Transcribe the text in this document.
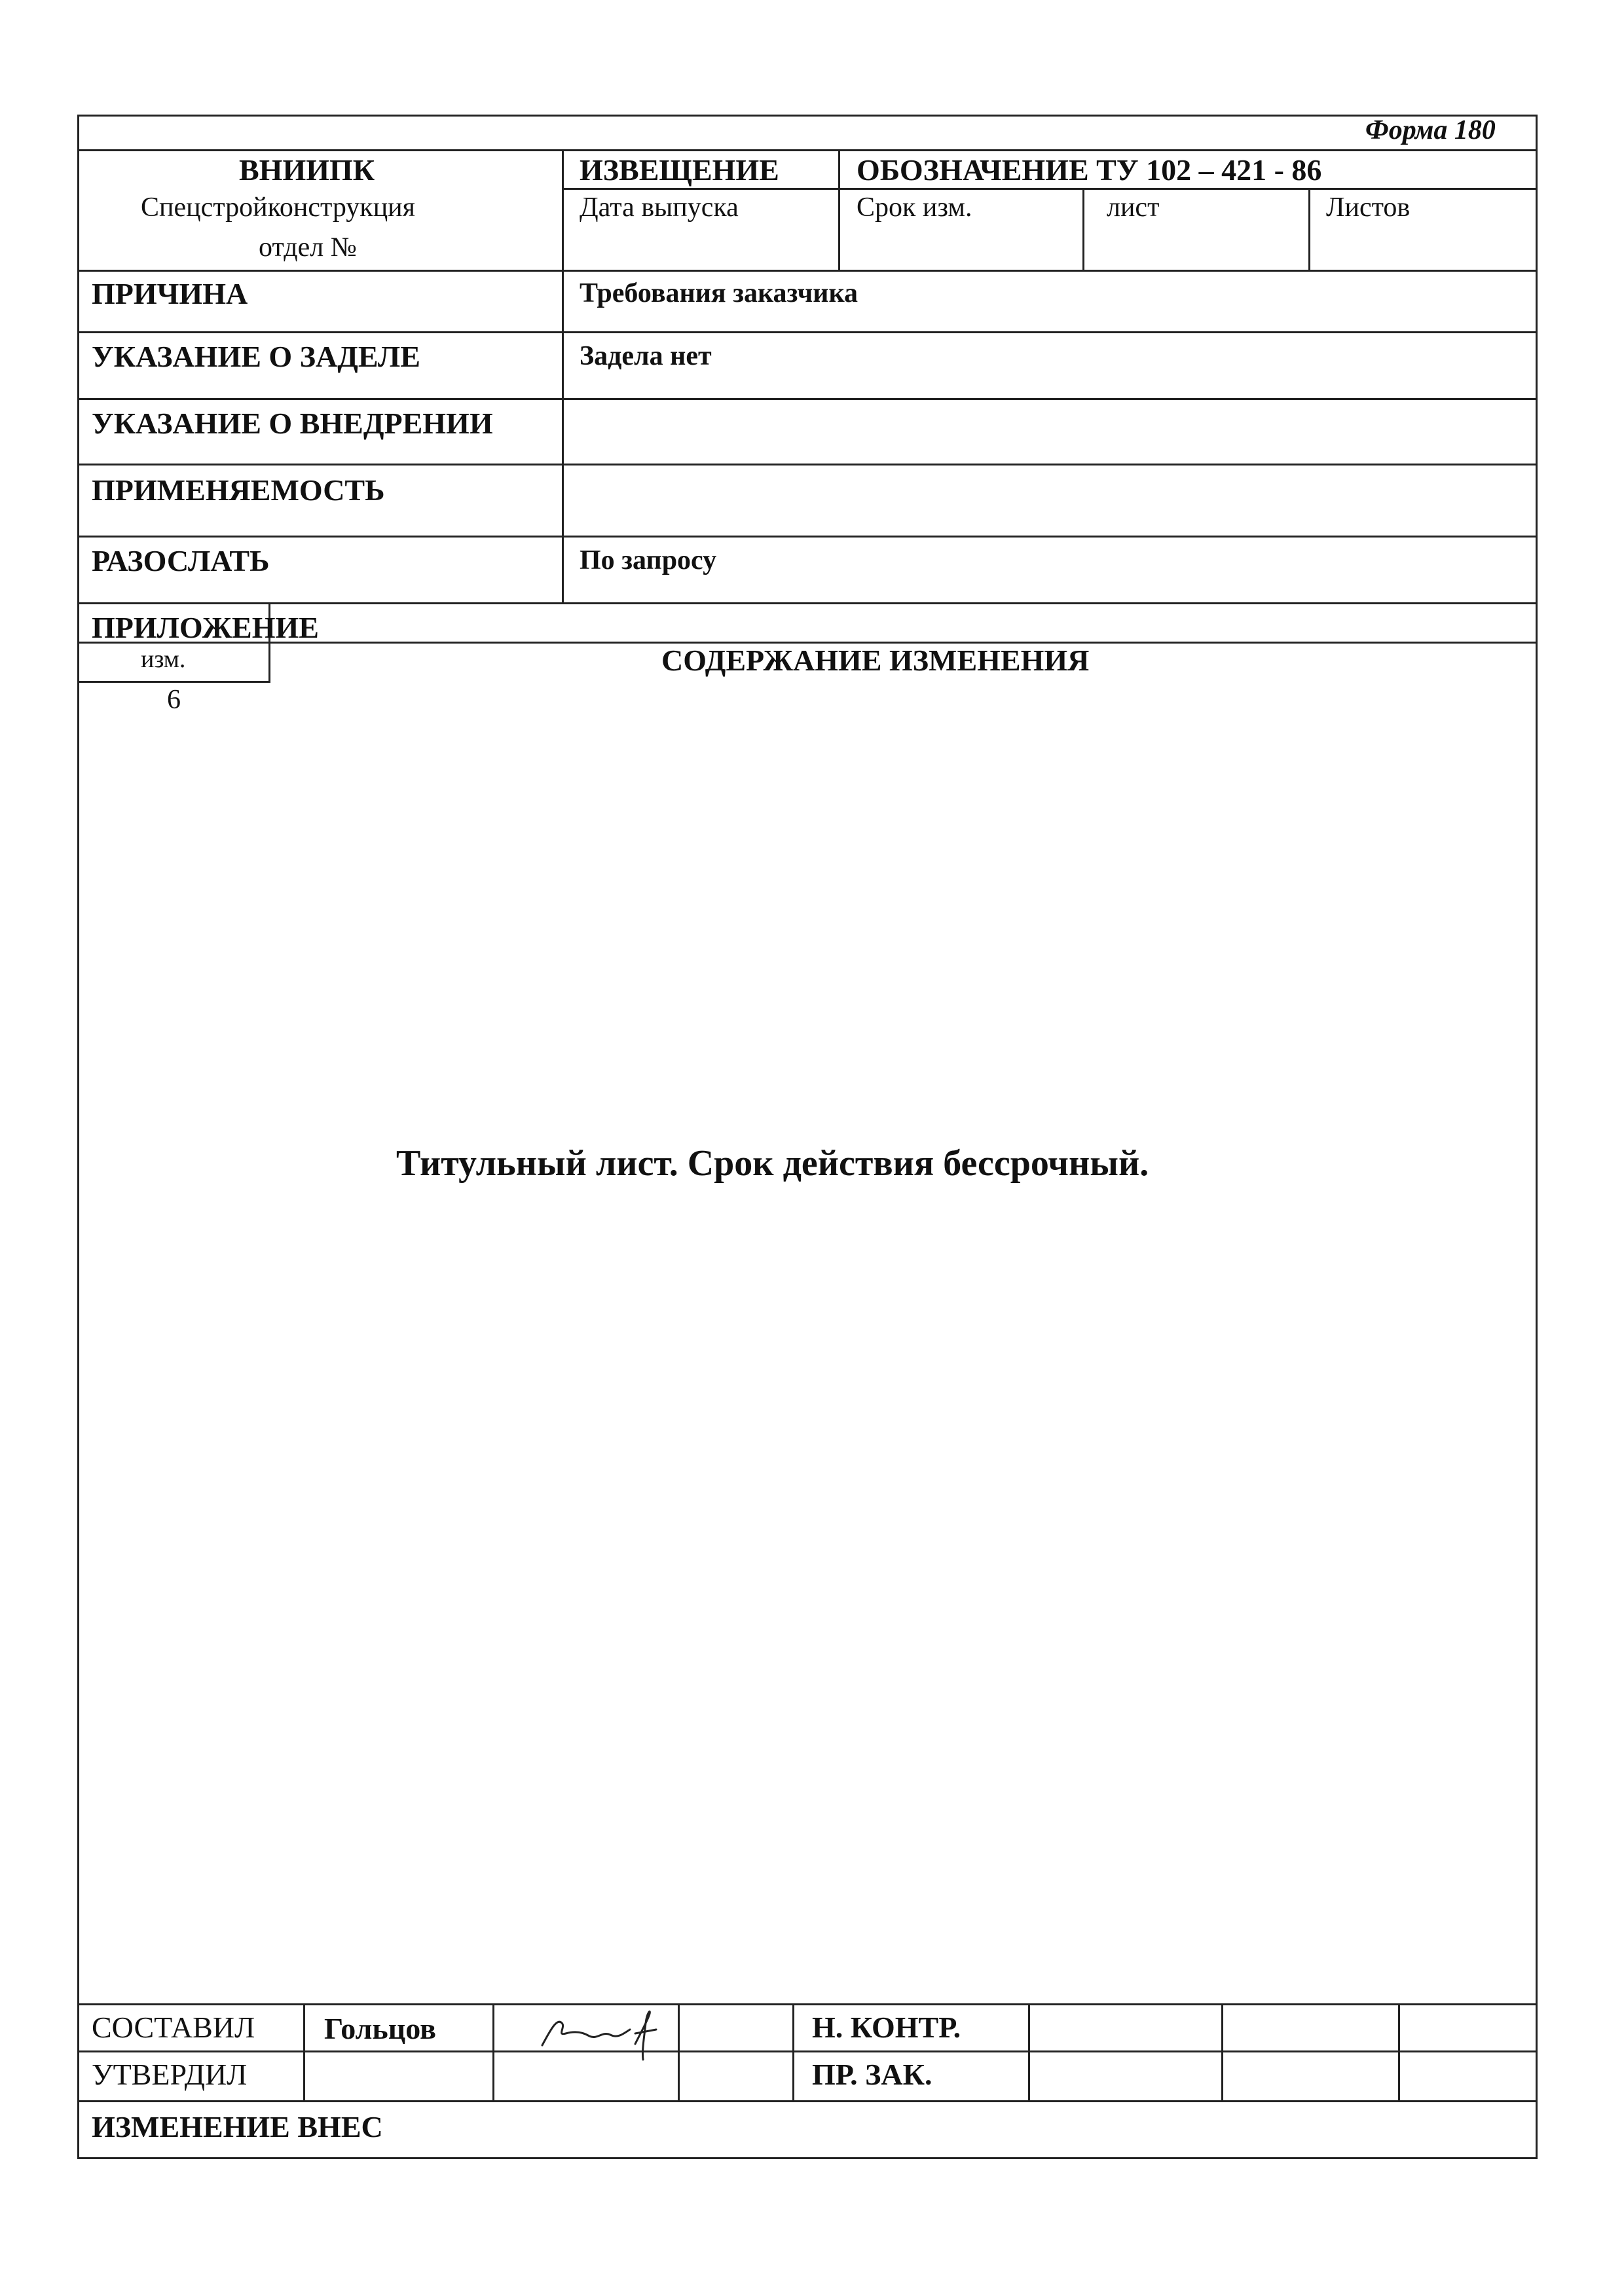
Форма 180
ВНИИПК
Спецстройконструкция
отдел №
ИЗВЕЩЕНИЕ	ОБОЗНАЧЕНИЕ ТУ 102 – 421 - 86
Дата выпуска	Срок изм.	лист	Листов
ПРИЧИНА	Требования заказчика
УКАЗАНИЕ О ЗАДЕЛЕ	Задела нет
УКАЗАНИЕ О ВНЕДРЕНИИ
ПРИМЕНЯЕМОСТЬ
РАЗОСЛАТЬ	По запросу
ПРИЛОЖЕНИЕ
изм.	СОДЕРЖАНИЕ ИЗМЕНЕНИЯ
6
Титульный лист. Срок действия бессрочный.
СОСТАВИЛ Гольцов	Н. КОНТР.
УТВЕРДИЛ	ПР. ЗАК.
ИЗМЕНЕНИЕ ВНЕС
